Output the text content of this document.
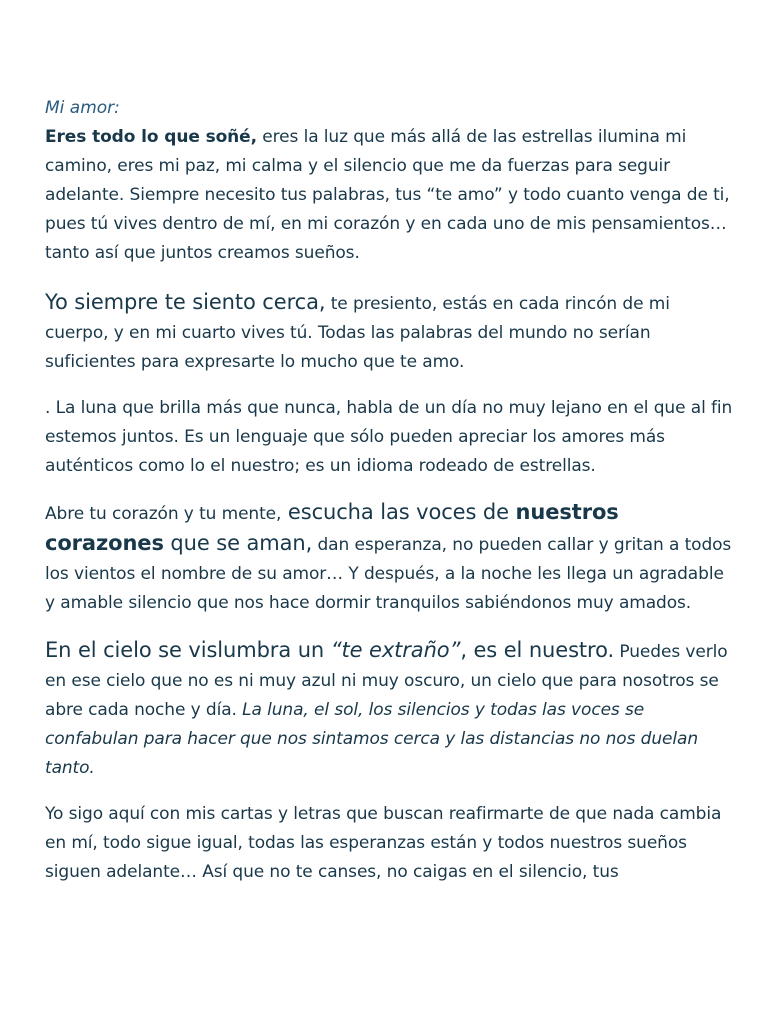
Mi amor:

Eres todo lo que soñé, eres la luz que más allá de las estrellas ilumina mi camino, eres mi paz, mi calma y el silencio que me da fuerzas para seguir adelante. Siempre necesito tus palabras, tus “te amo” y todo cuanto venga de ti, pues tú vives dentro de mí, en mi corazón y en cada uno de mis pensamientos… tanto así que juntos creamos sueños.

Yo siempre te siento cerca, te presiento, estás en cada rincón de mi cuerpo, y en mi cuarto vives tú. Todas las palabras del mundo no serían suficientes para expresarte lo mucho que te amo.

. La luna que brilla más que nunca, habla de un día no muy lejano en el que al fin estemos juntos. Es un lenguaje que sólo pueden apreciar los amores más auténticos como lo el nuestro; es un idioma rodeado de estrellas.

Abre tu corazón y tu mente, escucha las voces de nuestros corazones que se aman, dan esperanza, no pueden callar y gritan a todos los vientos el nombre de su amor… Y después, a la noche les llega un agradable y amable silencio que nos hace dormir tranquilos sabiéndonos muy amados.

En el cielo se vislumbra un “te extraño”, es el nuestro. Puedes verlo en ese cielo que no es ni muy azul ni muy oscuro, un cielo que para nosotros se abre cada noche y día. La luna, el sol, los silencios y todas las voces se confabulan para hacer que nos sintamos cerca y las distancias no nos duelan tanto.

Yo sigo aquí con mis cartas y letras que buscan reafirmarte de que nada cambia en mí, todo sigue igual, todas las esperanzas están y todos nuestros sueños siguen adelante… Así que no te canses, no caigas en el silencio, tus
